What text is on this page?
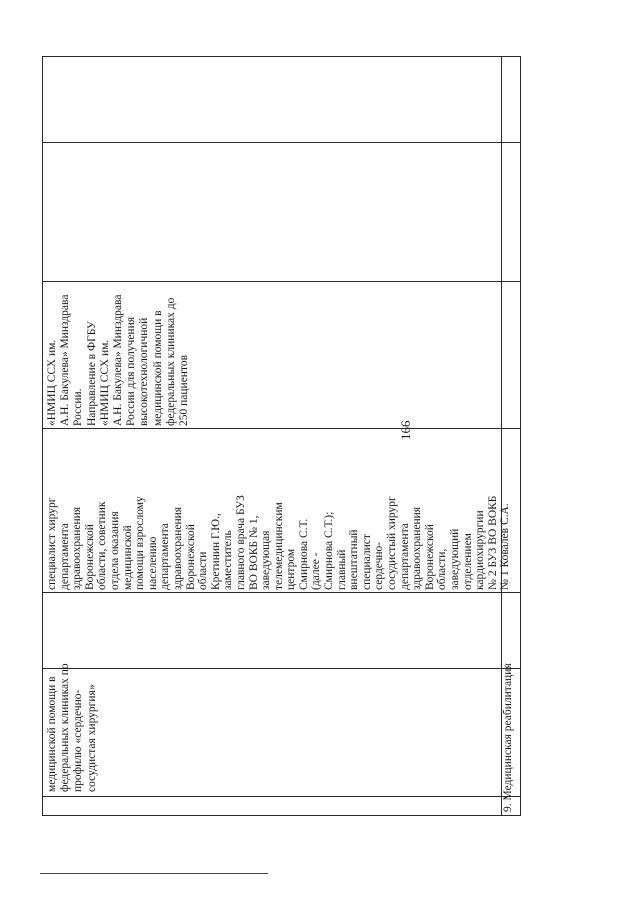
166
медицинской помощи в федеральных клиниках по профилю «сердечно- сосудистая хирургия»
специалист хирург департамента здравоохранения Воронежской области, советник отдела оказания медицинской помощи взрослому населению департамента здравоохранения Воронежской области Кретинин Г.Ю., заместитель главного врача БУЗ ВО ВОКБ № 1, заведующая телемедицинским центром Смирнова С.Т. (далее - Смирнова С.Т.); главный внештатный специалист сердечно- сосудистый хирург департамента здравоохранения Воронежской области, заведующий отделением кардиохирургии № 2 БУЗ ВО ВОКБ № 1 Ковалев С.А.
«НМИЦ ССХ им. А.Н. Бакулева» Минздрава России. Направление в ФГБУ «НМИЦ ССХ им. А.Н. Бакулева» Минздрава России для получения высокотехнологичной медицинской помощи в федеральных клиниках до 250 пациентов
9. Медицинская реабилитация
